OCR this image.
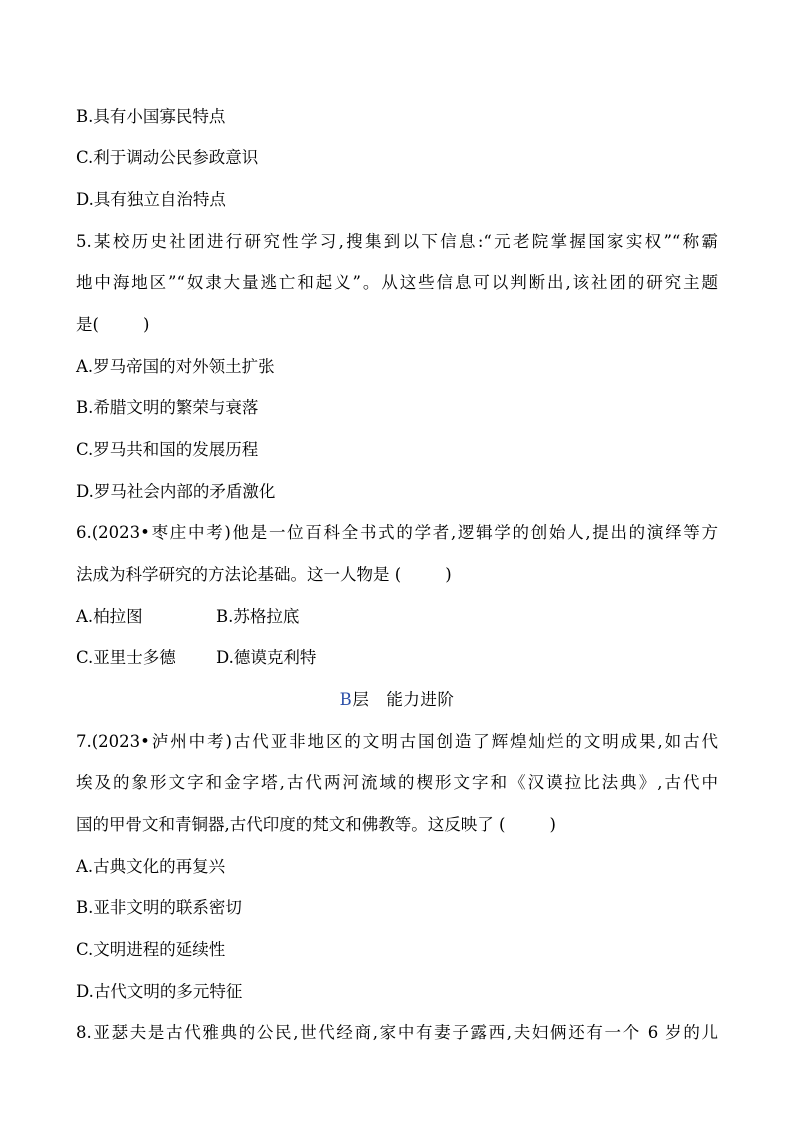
B.具有小国寡民特点
C.利于调动公民参政意识
D.具有独立自治特点
5.某校历史社团进行研究性学习,搜集到以下信息:“元老院掌握国家实权”“称霸
地中海地区”“奴隶大量逃亡和起义”。从这些信息可以判断出,该社团的研究主题
是(	)
A.罗马帝国的对外领土扩张
B.希腊文明的繁荣与衰落
C.罗马共和国的发展历程
D.罗马社会内部的矛盾激化
6.(2023•枣庄中考)他是一位百科全书式的学者,逻辑学的创始人,提出的演绎等方
法成为科学研究的方法论基础。这一人物是 (	)
A.柏拉图	B.苏格拉底
C.亚里士多德 D.德谟克利特
B层　能力进阶
7.(2023•泸州中考)古代亚非地区的文明古国创造了辉煌灿烂的文明成果,如古代
埃及的象形文字和金字塔,古代两河流域的楔形文字和《汉谟拉比法典》,古代中
国的甲骨文和青铜器,古代印度的梵文和佛教等。这反映了 (	)
A.古典文化的再复兴
B.亚非文明的联系密切
C.文明进程的延续性
D.古代文明的多元特征
8.亚瑟夫是古代雅典的公民,世代经商,家中有妻子露西,夫妇俩还有一个 6 岁的儿
